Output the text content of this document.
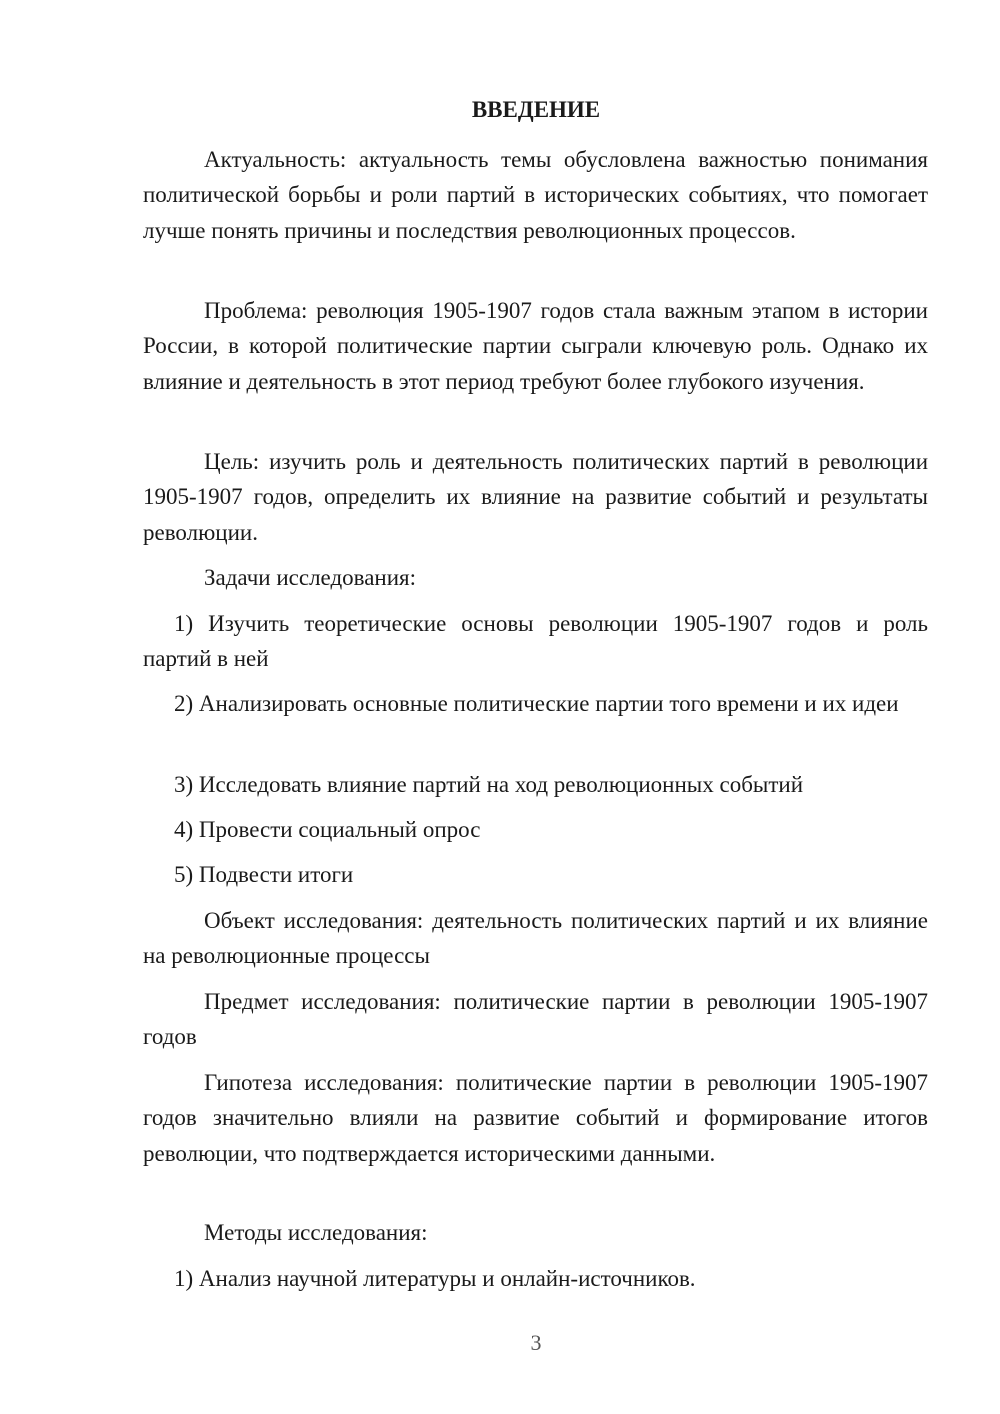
ВВЕДЕНИЕ
Актуальность: актуальность темы обусловлена важностью понимания политической борьбы и роли партий в исторических событиях, что помогает лучше понять причины и последствия революционных процессов.
Проблема: революция 1905-1907 годов стала важным этапом в истории России, в которой политические партии сыграли ключевую роль. Однако их влияние и деятельность в этот период требуют более глубокого изучения.
Цель: изучить роль и деятельность политических партий в революции 1905-1907 годов, определить их влияние на развитие событий и результаты революции.
Задачи исследования:
1) Изучить теоретические основы революции 1905-1907 годов и роль партий в ней
2) Анализировать основные политические партии того времени и их идеи
3) Исследовать влияние партий на ход революционных событий
4) Провести социальный опрос
5) Подвести итоги
Объект исследования: деятельность политических партий и их влияние на революционные процессы
Предмет исследования: политические партии в революции 1905-1907 годов
Гипотеза исследования: политические партии в революции 1905-1907 годов значительно влияли на развитие событий и формирование итогов революции, что подтверждается историческими данными.
Методы исследования:
1) Анализ научной литературы и онлайн-источников.
3
